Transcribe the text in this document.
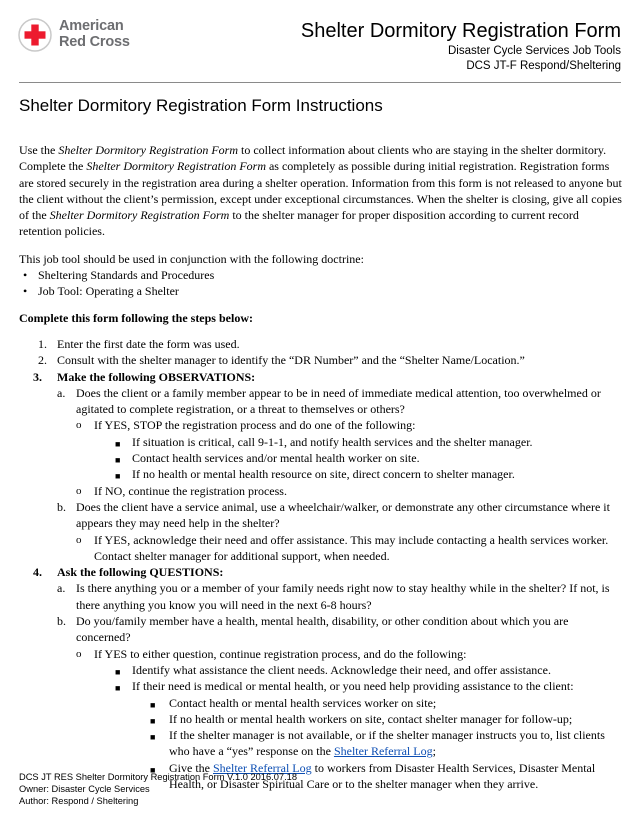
American
Red Cross	Shelter Dormitory Registration Form
Disaster Cycle Services Job Tools
DCS JT-F Respond/Sheltering
Shelter Dormitory Registration Form Instructions

Use the Shelter Dormitory Registration Form to collect information about clients who are staying in the shelter dormitory. Complete the Shelter Dormitory Registration Form as completely as possible during initial registration. Registration forms are stored securely in the registration area during a shelter operation. Information from this form is not released to anyone but the client without the client’s permission, except under exceptional circumstances. When the shelter is closing, give all copies of the Shelter Dormitory Registration Form to the shelter manager for proper disposition according to current record retention policies.

This job tool should be used in conjunction with the following doctrine:

• Sheltering Standards and Procedures
• Job Tool: Operating a Shelter

Complete this form following the steps below:

1. Enter the first date the form was used.
2. Consult with the shelter manager to identify the “DR Number” and the “Shelter Name/Location.”
3. Make the following OBSERVATIONS:
a. Does the client or a family member appear to be in need of immediate medical attention, too overwhelmed or agitated to complete registration, or a threat to themselves or others?
o If YES, STOP the registration process and do one of the following:
■ If situation is critical, call 9-1-1, and notify health services and the shelter manager.
■ Contact health services and/or mental health worker on site.
■ If no health or mental health resource on site, direct concern to shelter manager.
o If NO, continue the registration process.
b. Does the client have a service animal, use a wheelchair/walker, or demonstrate any other circumstance where it appears they may need help in the shelter?
o If YES, acknowledge their need and offer assistance. This may include contacting a health services worker. Contact shelter manager for additional support, when needed.
4. Ask the following QUESTIONS:
a. Is there anything you or a member of your family needs right now to stay healthy while in the shelter? If not, is there anything you know you will need in the next 6-8 hours?
b. Do you/family member have a health, mental health, disability, or other condition about which you are concerned?
o If YES to either question, continue registration process, and do the following:
■ Identify what assistance the client needs. Acknowledge their need, and offer assistance.
■ If their need is medical or mental health, or you need help providing assistance to the client:
■ Contact health or mental health services worker on site;
■ If no health or mental health workers on site, contact shelter manager for follow-up;
■ If the shelter manager is not available, or if the shelter manager instructs you to, list clients who have a “yes” response on the Shelter Referral Log;
■ Give the Shelter Referral Log to workers from Disaster Health Services, Disaster Mental Health, or Disaster Spiritual Care or to the shelter manager when they arrive.
DCS JT RES Shelter Dormitory Registration Form V.1.0 2016.07.18
Owner: Disaster Cycle Services
Author: Respond / Sheltering
